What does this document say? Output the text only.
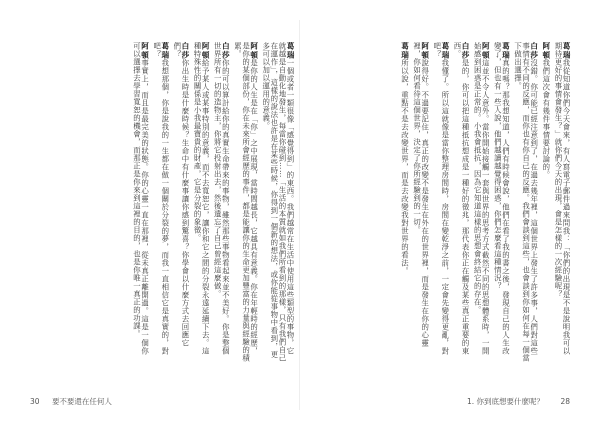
葛瑞一個或者一類很像「感覺得到」的東西。我們越常在生活中使用這些類型的事物，它就越是自動化地發生，每當你碰到……「生活的本質就如我們所看到的那樣，只有我們自己在運作」，這樣的說法也許是在某些時候，你得到一個新的想法，或你能從事物中看到，更多可以加以運用的意義。
阿頓是你的人生是在「你」之中展現，當時間越長，它越具有意義。你在年輕時的經歷，是你的某個部份，你在未來所會經歷的事件，都是能讓你的生命更加豐富的力量與經驗的積累。
白莎你的可以算計給你的真實生命帶來的事物，雖然那些事物看起來並不美好。你是整個世界所有一切的造物主，你將它投射出去，然後遺忘了自己曾經這麼做。
阿頓給予某人或某事特別的意義，而不去寬恕它，讓你和它之間的分裂永遠延續下去。這種特殊性的關係是小我最寶貴的財產，它是分裂的象徵。
白莎你出生時是什麼時候？生命中有什麼事讓你感到驚喜？你學會以什麼方式去回應它們？
葛瑞我想那個，你是說我的一生都在做一個關於分裂的夢，而我一直相信它是真實的，對吧？
阿頓事實上，而且是最完美的狀態。你的心靈一直在那裡，從未真正離開過。這是一個你可以選擇去學習寬恕的機會，而那正是你來到這裡的目的，也是你唯一真正的功課。
30 要不要還在任何人
葛瑞我從知道你們今天會來，有人寫電子郵件過來問我：「你們的出現是不是說明我可以期待更好的事情會發生？」就你們今天的出現，會是怎樣的一次經驗呢？
阿頓我們這次會有幾件事情要討論的。
白莎沒錯。你可能已經注意到了，在過去幾年裡，這個世界上發生了許多事，人們對這些事情有不同的反應，而你也有你自己的反應。我們會談到這些，也會談到你如何在每一個當下做出選擇。
葛瑞真的嗎？那我想知道，人們有時候會說，他們在看了我的書之後，發現自己的人生改變了，但也有一些人說，他們越讀越覺得困惑，你們怎麼看這種情況？
阿頓這並不令人意外。當你開始接觸一套與世界的思考方式截然不同的思想體系時，一開始感到困惑是正常的。小我會抵抗，因為它知道這樣的思想會終結它的存在。
白莎是的，你可以把這種抵抗想成是一種好的徵兆，那代表你正在觸及某些真正重要的東西。
葛瑞我懂了。所以這就像是當你整理房間時，房間在變乾淨之前，一定會先變得更亂，對吧？
阿頓說得好。不過要記住，真正的改變不是發生在外在的世界裡，而是發生在你的心靈裡，你如何看待這個世界，決定了你所經驗到的一切。
葛瑞所以說，重點不是去改變世界，而是去改變我對世界的看法。
1. 你到底想要什麼呢？ 28
